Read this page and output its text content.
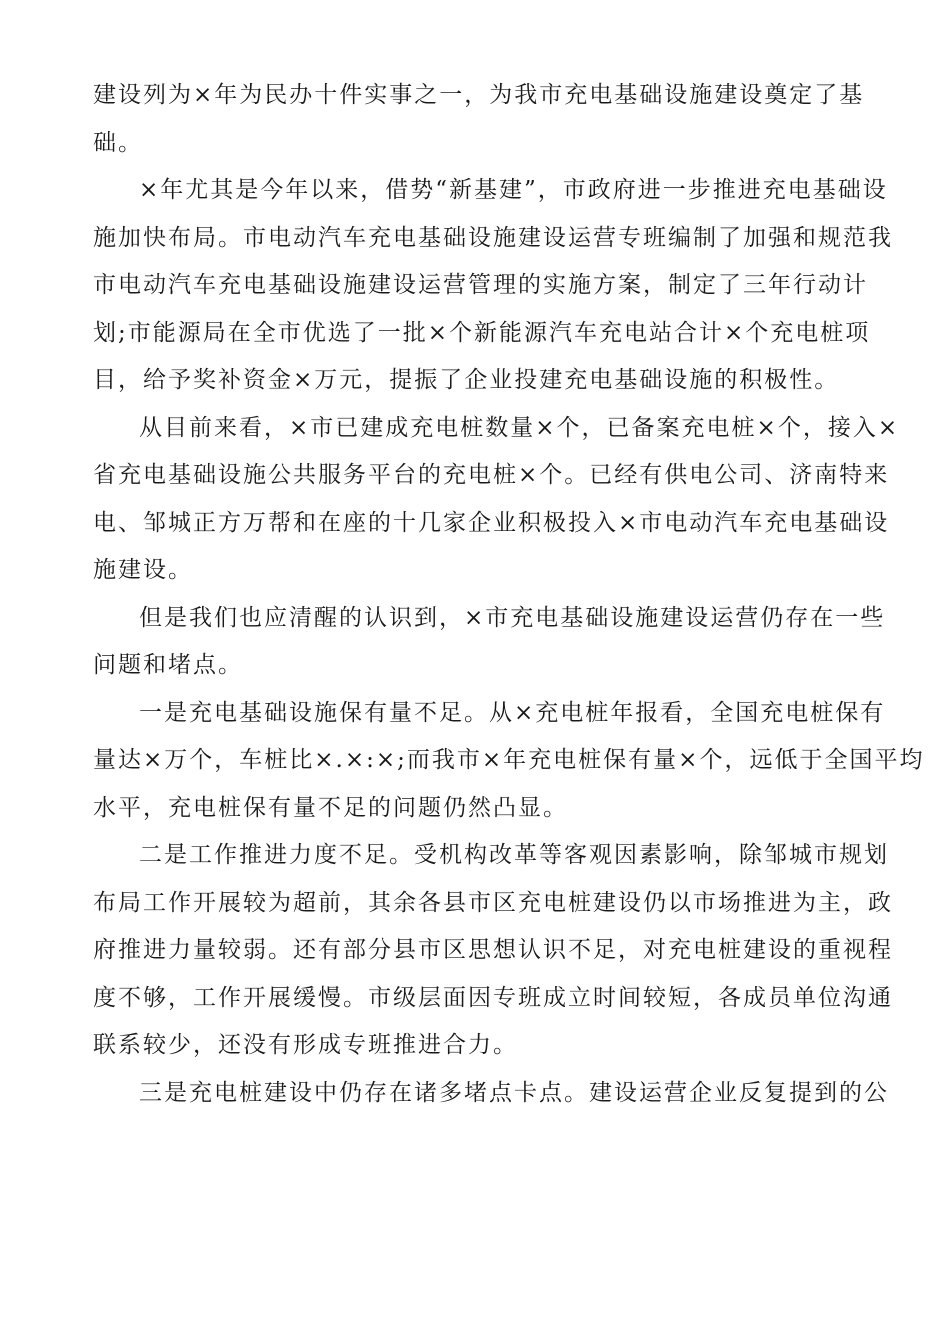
建设列为×年为民办十件实事之一，为我市充电基础设施建设奠定了基
础。
×年尤其是今年以来，借势“新基建”，市政府进一步推进充电基础设
施加快布局。市电动汽车充电基础设施建设运营专班编制了加强和规范我
市电动汽车充电基础设施建设运营管理的实施方案，制定了三年行动计
划;市能源局在全市优选了一批×个新能源汽车充电站合计×个充电桩项
目，给予奖补资金×万元，提振了企业投建充电基础设施的积极性。
从目前来看，×市已建成充电桩数量×个，已备案充电桩×个，接入×
省充电基础设施公共服务平台的充电桩×个。已经有供电公司、济南特来
电、邹城正方万帮和在座的十几家企业积极投入×市电动汽车充电基础设
施建设。
但是我们也应清醒的认识到，×市充电基础设施建设运营仍存在一些
问题和堵点。
一是充电基础设施保有量不足。从×充电桩年报看，全国充电桩保有
量达×万个，车桩比×.×:×;而我市×年充电桩保有量×个，远低于全国平均
水平，充电桩保有量不足的问题仍然凸显。
二是工作推进力度不足。受机构改革等客观因素影响，除邹城市规划
布局工作开展较为超前，其余各县市区充电桩建设仍以市场推进为主，政
府推进力量较弱。还有部分县市区思想认识不足，对充电桩建设的重视程
度不够，工作开展缓慢。市级层面因专班成立时间较短，各成员单位沟通
联系较少，还没有形成专班推进合力。
三是充电桩建设中仍存在诸多堵点卡点。建设运营企业反复提到的公
